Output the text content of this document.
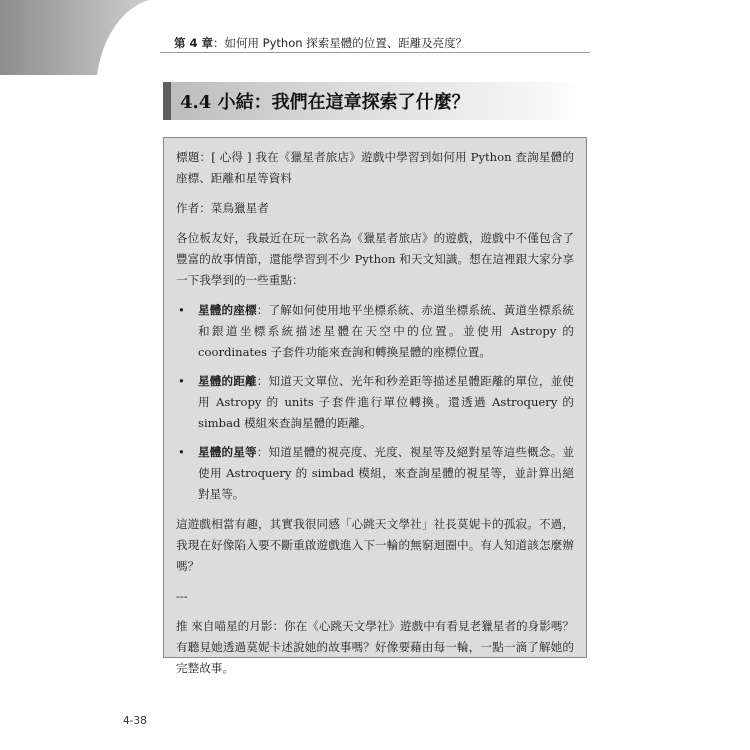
第 4 章：如何用 Python 探索星體的位置、距離及亮度？
4.4 小結：我們在這章探索了什麼？

標題：[ 心得 ] 我在《獵星者旅店》遊戲中學習到如何用 Python 查詢星體的座標、距離和星等資料

作者：菜鳥獵星者

各位板友好，我最近在玩一款名為《獵星者旅店》的遊戲，遊戲中不僅包含了豐富的故事情節，還能學習到不少 Python 和天文知識。想在這裡跟大家分享一下我學到的一些重點：

• 星體的座標：了解如何使用地平坐標系統、赤道坐標系統、黃道坐標系統和銀道坐標系統描述星體在天空中的位置。並使用 Astropy 的 coordinates 子套件功能來查詢和轉換星體的座標位置。
• 星體的距離：知道天文單位、光年和秒差距等描述星體距離的單位，並使用 Astropy 的 units 子套件進行單位轉換。還透過 Astroquery 的 simbad 模組來查詢星體的距離。
• 星體的星等：知道星體的視亮度、光度、視星等及絕對星等這些概念。並使用 Astroquery 的 simbad 模組，來查詢星體的視星等，並計算出絕對星等。

這遊戲相當有趣，其實我很同感「心跳天文學社」社長莫妮卡的孤寂。不過，我現在好像陷入要不斷重啟遊戲進入下一輪的無窮迴圈中。有人知道該怎麼辦嗎？

---

推 來自喵星的月影：你在《心跳天文學社》遊戲中有看見老獵星者的身影嗎？有聽見她透過莫妮卡述說她的故事嗎？好像要藉由每一輪，一點一滴了解她的完整故事。

4-38
